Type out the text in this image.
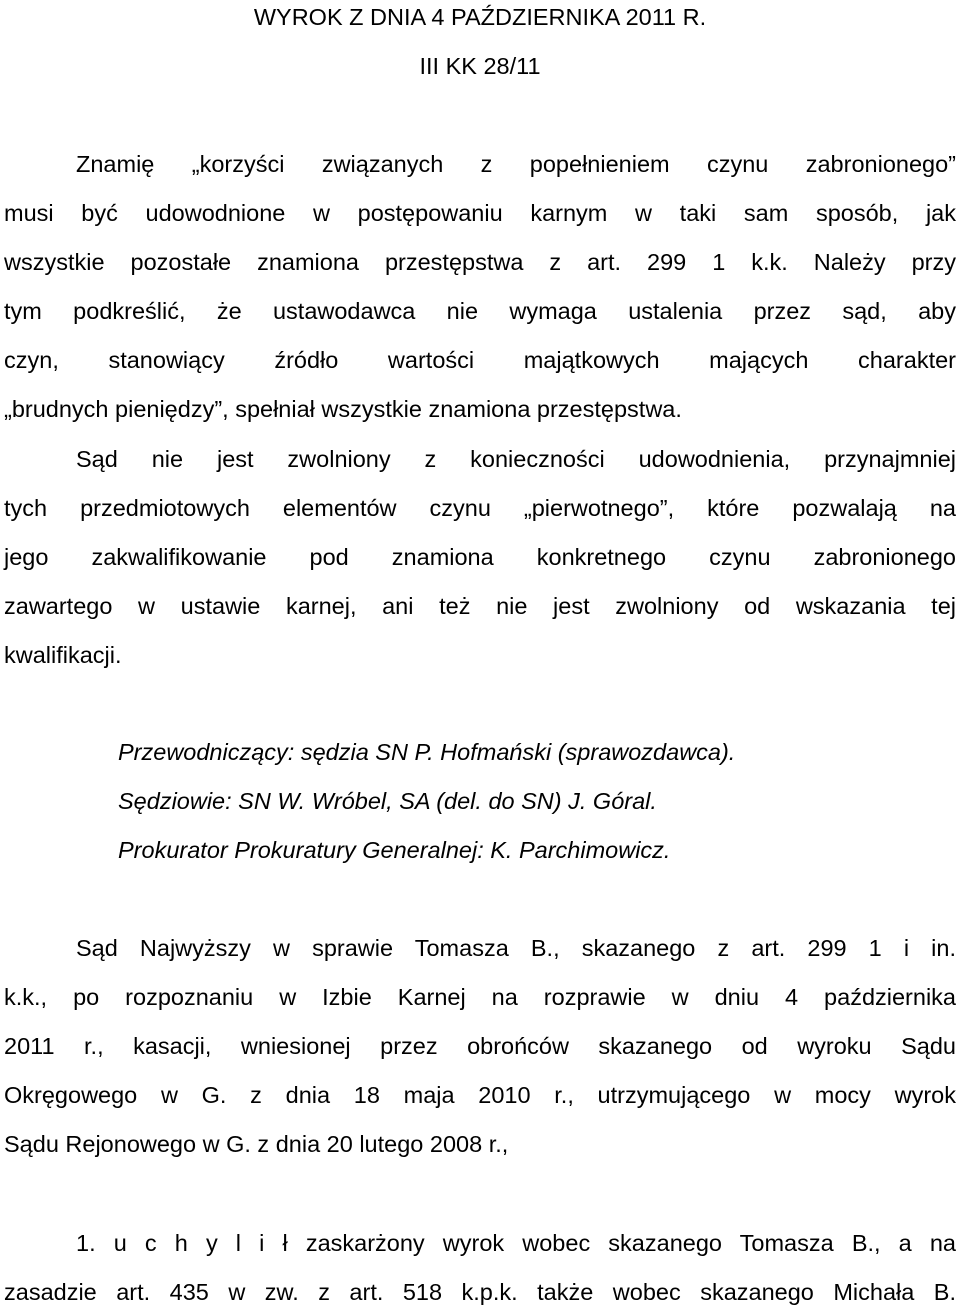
WYROK Z DNIA 4 PAŹDZIERNIKA 2011 R.
III KK 28/11
Znamię „korzyści związanych z popełnieniem czynu zabronionego”
musi być udowodnione w postępowaniu karnym w taki sam sposób, jak
wszystkie pozostałe znamiona przestępstwa z art. 299 1 k.k. Należy przy
tym podkreślić, że ustawodawca nie wymaga ustalenia przez sąd, aby
czyn, stanowiący źródło wartości majątkowych mających charakter
„brudnych pieniędzy”, spełniał wszystkie znamiona przestępstwa.
Sąd nie jest zwolniony z konieczności udowodnienia, przynajmniej
tych przedmiotowych elementów czynu „pierwotnego”, które pozwalają na
jego zakwalifikowanie pod znamiona konkretnego czynu zabronionego
zawartego w ustawie karnej, ani też nie jest zwolniony od wskazania tej
kwalifikacji.
Przewodniczący: sędzia SN P. Hofmański (sprawozdawca).
Sędziowie: SN W. Wróbel, SA (del. do SN) J. Góral.
Prokurator Prokuratury Generalnej: K. Parchimowicz.
Sąd Najwyższy w sprawie Tomasza B., skazanego z art. 299 1 i in.
k.k., po rozpoznaniu w Izbie Karnej na rozprawie w dniu 4 października
2011 r., kasacji, wniesionej przez obrońców skazanego od wyroku Sądu
Okręgowego w G. z dnia 18 maja 2010 r., utrzymującego w mocy wyrok
Sądu Rejonowego w G. z dnia 20 lutego 2008 r.,
1. u c h y l i ł zaskarżony wyrok wobec skazanego Tomasza B., a na
zasadzie art. 435 w zw. z art. 518 k.p.k. także wobec skazanego Michała B.
